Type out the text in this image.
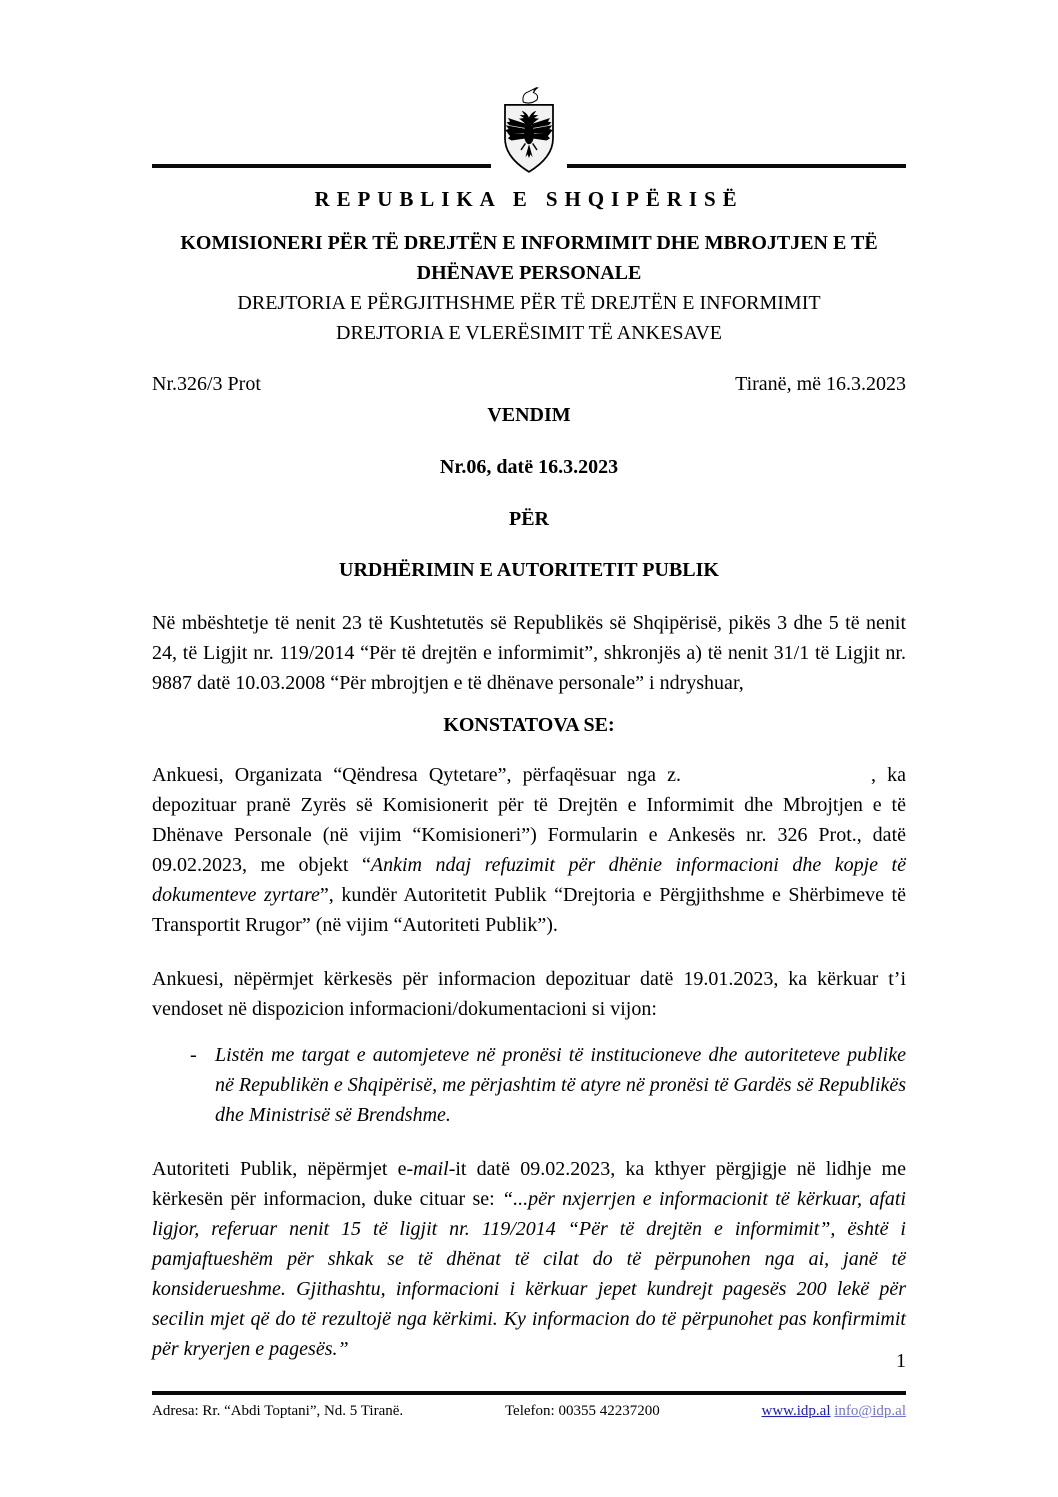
REPUBLIKA E SHQIPËRISË

KOMISIONERI PËR TË DREJTËN E INFORMIMIT DHE MBROJTJEN E TË DHËNAVE PERSONALE

DREJTORIA E PËRGJITHSHME PËR TË DREJTËN E INFORMIMIT

DREJTORIA E VLERËSIMIT TË ANKESAVE

Nr.326/3 Prot	Tiranë, më 16.3.2023

VENDIM

Nr.06, datë 16.3.2023

PËR

URDHËRIMIN E AUTORITETIT PUBLIK

Në mbështetje të nenit 23 të Kushtetutës së Republikës së Shqipërisë, pikës 3 dhe 5 të nenit 24, të Ligjit nr. 119/2014 “Për të drejtën e informimit”, shkronjës a) të nenit 31/1 të Ligjit nr. 9887 datë 10.03.2008 “Për mbrojtjen e të dhënave personale” i ndryshuar,

KONSTATOVA SE:

Ankuesi, Organizata “Qëndresa Qytetare”, përfaqësuar nga z.	, ka depozituar pranë Zyrës së Komisionerit për të Drejtën e Informimit dhe Mbrojtjen e të Dhënave Personale (në vijim “Komisioneri”) Formularin e Ankesës nr. 326 Prot., datë 09.02.2023, me objekt “Ankim ndaj refuzimit për dhënie informacioni dhe kopje të dokumenteve zyrtare”, kundër Autoritetit Publik “Drejtoria e Përgjithshme e Shërbimeve të Transportit Rrugor” (në vijim “Autoriteti Publik”).

Ankuesi, nëpërmjet kërkesës për informacion depozituar datë 19.01.2023, ka kërkuar t’i vendoset në dispozicion informacioni/dokumentacioni si vijon:

- Listën me targat e automjeteve në pronësi të institucioneve dhe autoriteteve publike në Republikën e Shqipërisë, me përjashtim të atyre në pronësi të Gardës së Republikës dhe Ministrisë së Brendshme.

Autoriteti Publik, nëpërmjet e-mail-it datë 09.02.2023, ka kthyer përgjigje në lidhje me kërkesën për informacion, duke cituar se: “...për nxjerrjen e informacionit të kërkuar, afati ligjor, referuar nenit 15 të ligjit nr. 119/2014 “Për të drejtën e informimit”, është i pamjaftueshëm për shkak se të dhënat të cilat do të përpunohen nga ai, janë të konsiderueshme. Gjithashtu, informacioni i kërkuar jepet kundrejt pagesës 200 lekë për secilin mjet që do të rezultojë nga kërkimi. Ky informacion do të përpunohet pas konfirmimit për kryerjen e pagesës.”

1
Adresa: Rr. “Abdi Toptani”, Nd. 5 Tiranë.	Telefon: 00355 42237200	www.idp.al info@idp.al
